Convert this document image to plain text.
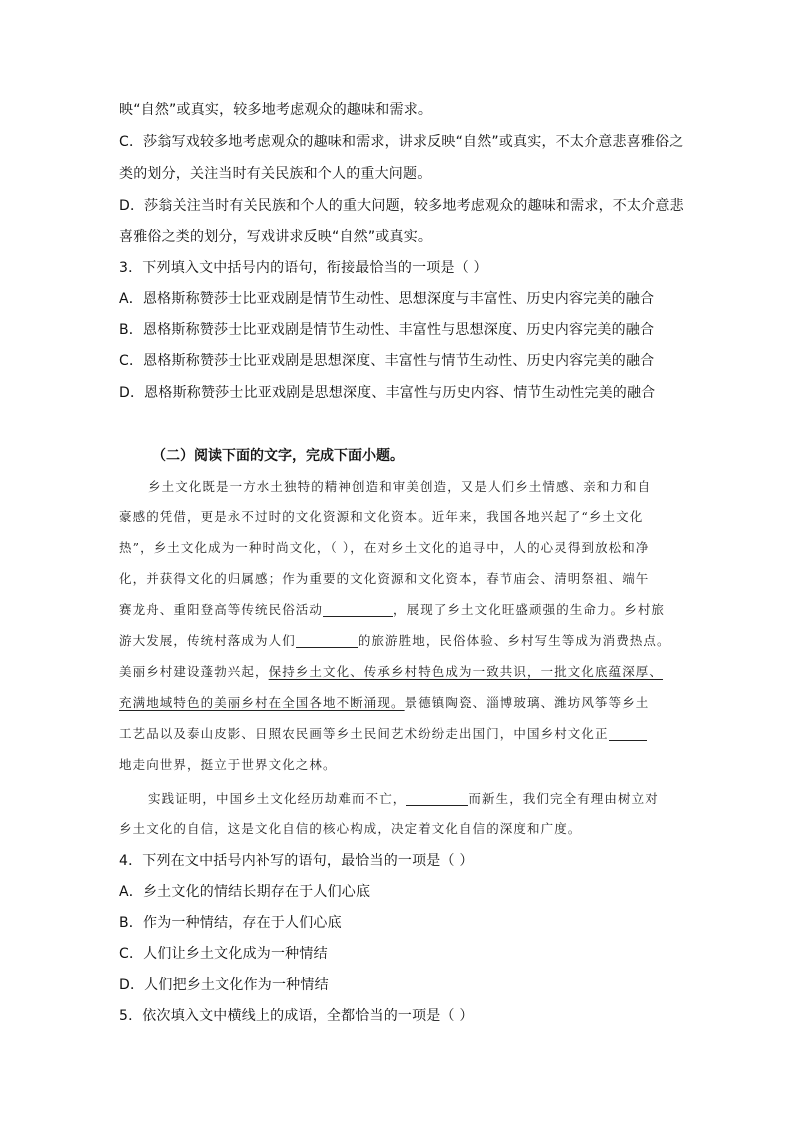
映“自然”或真实，较多地考虑观众的趣味和需求。
C．莎翁写戏较多地考虑观众的趣味和需求，讲求反映“自然”或真实，不太介意悲喜雅俗之
类的划分，关注当时有关民族和个人的重大问题。
D．莎翁关注当时有关民族和个人的重大问题，较多地考虑观众的趣味和需求，不太介意悲
喜雅俗之类的划分，写戏讲求反映“自然”或真实。
3．下列填入文中括号内的语句，衔接最恰当的一项是（ ）
A．恩格斯称赞莎士比亚戏剧是情节生动性、思想深度与丰富性、历史内容完美的融合
B．恩格斯称赞莎士比亚戏剧是情节生动性、丰富性与思想深度、历史内容完美的融合
C．恩格斯称赞莎士比亚戏剧是思想深度、丰富性与情节生动性、历史内容完美的融合
D．恩格斯称赞莎士比亚戏剧是思想深度、丰富性与历史内容、情节生动性完美的融合
（二）阅读下面的文字，完成下面小题。
乡土文化既是一方水土独特的精神创造和审美创造，又是人们乡土情感、亲和力和自
豪感的凭借，更是永不过时的文化资源和文化资本。近年来，我国各地兴起了“乡土文化
热”，乡土文化成为一种时尚文化，（ ），在对乡土文化的追寻中，人的心灵得到放松和净
化，并获得文化的归属感；作为重要的文化资源和文化资本，春节庙会、清明祭祖、端午
赛龙舟、重阳登高等传统民俗活动	，展现了乡土文化旺盛顽强的生命力。乡村旅
游大发展，传统村落成为人们	的旅游胜地，民俗体验、乡村写生等成为消费热点。
美丽乡村建设蓬勃兴起，保持乡土文化、传承乡村特色成为一致共识，一批文化底蕴深厚、
充满地域特色的美丽乡村在全国各地不断涌现。景德镇陶瓷、淄博玻璃、潍坊风筝等乡土
工艺品以及泰山皮影、日照农民画等乡土民间艺术纷纷走出国门，中国乡村文化正
地走向世界，挺立于世界文化之林。
实践证明，中国乡土文化经历劫难而不亡，	而新生，我们完全有理由树立对
乡土文化的自信，这是文化自信的核心构成，决定着文化自信的深度和广度。
4．下列在文中括号内补写的语句，最恰当的一项是（ ）
A．乡土文化的情结长期存在于人们心底
B．作为一种情结，存在于人们心底
C．人们让乡土文化成为一种情结
D．人们把乡土文化作为一种情结
5．依次填入文中横线上的成语，全都恰当的一项是（ ）
